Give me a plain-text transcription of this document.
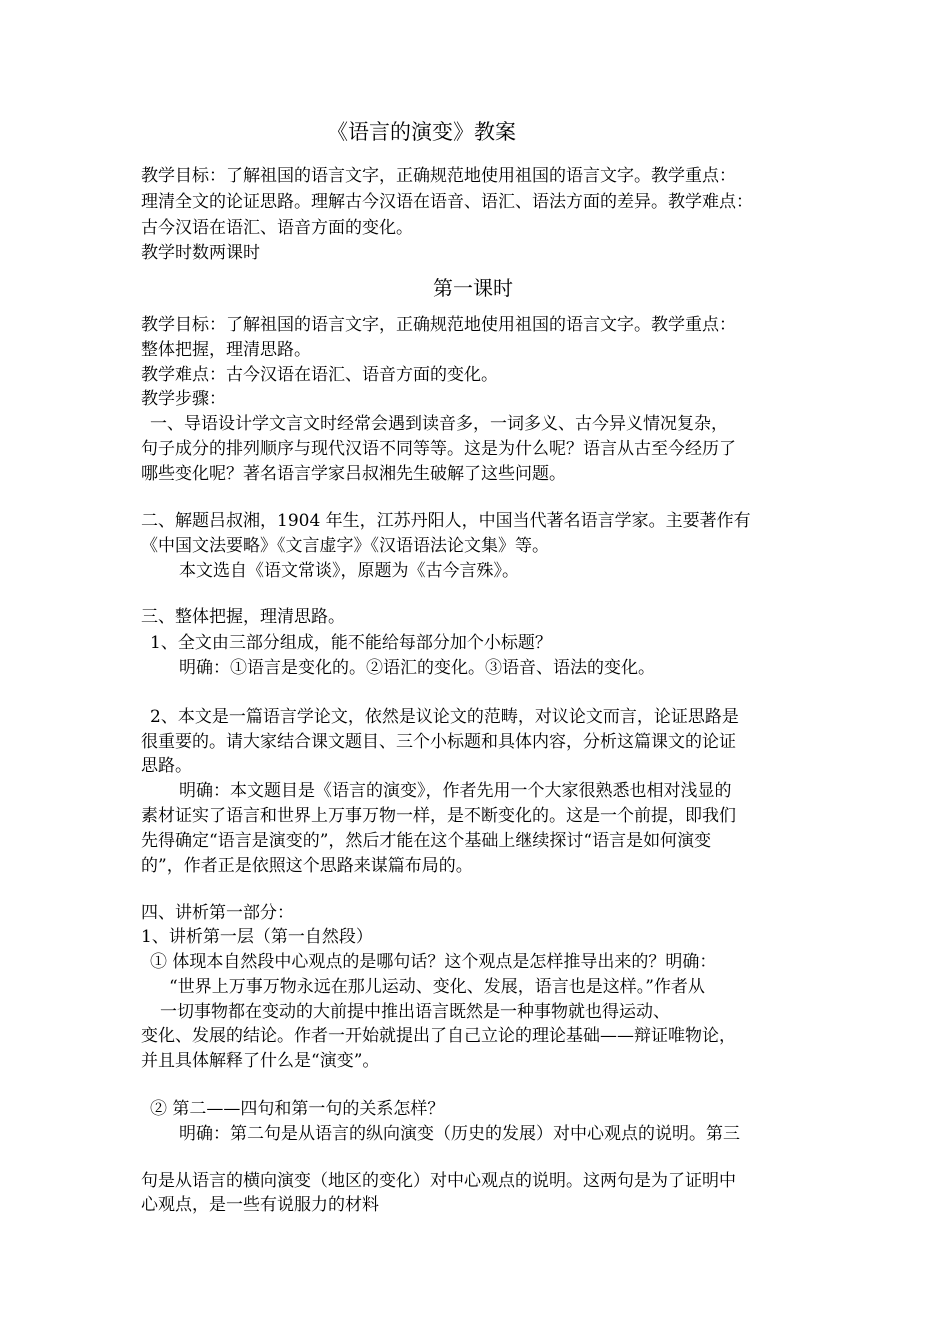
《语言的演变》教案

教学目标：了解祖国的语言文字，正确规范地使用祖国的语言文字。教学重点：

理清全文的论证思路。理解古今汉语在语音、语汇、语法方面的差异。教学难点：

古今汉语在语汇、语音方面的变化。

教学时数两课时

第一课时

教学目标：了解祖国的语言文字，正确规范地使用祖国的语言文字。教学重点：

整体把握，理清思路。

教学难点：古今汉语在语汇、语音方面的变化。

教学步骤：

一、导语设计学文言文时经常会遇到读音多，一词多义、古今异义情况复杂，

句子成分的排列顺序与现代汉语不同等等。这是为什么呢？语言从古至今经历了

哪些变化呢？著名语言学家吕叔湘先生破解了这些问题。

二、解题吕叔湘，1904 年生，江苏丹阳人，中国当代著名语言学家。主要著作有

《中国文法要略》《文言虚字》《汉语语法论文集》等。

本文选自《语文常谈》，原题为《古今言殊》。

三、整体把握，理清思路。

1、全文由三部分组成，能不能给每部分加个小标题？

明确：①语言是变化的。②语汇的变化。③语音、语法的变化。

2、本文是一篇语言学论文，依然是议论文的范畴，对议论文而言，论证思路是

很重要的。请大家结合课文题目、三个小标题和具体内容，分析这篇课文的论证

思路。

明确：本文题目是《语言的演变》，作者先用一个大家很熟悉也相对浅显的

素材证实了语言和世界上万事万物一样，是不断变化的。这是一个前提，即我们

先得确定“语言是演变的”，然后才能在这个基础上继续探讨“语言是如何演变

的”，作者正是依照这个思路来谋篇布局的。

四、讲析第一部分：

1、讲析第一层（第一自然段）

① 体现本自然段中心观点的是哪句话？这个观点是怎样推导出来的？明确：

“世界上万事万物永远在那儿运动、变化、发展，语言也是这样。”作者从

一切事物都在变动的大前提中推出语言既然是一种事物就也得运动、

变化、发展的结论。作者一开始就提出了自己立论的理论基础——辩证唯物论，

并且具体解释了什么是“演变”。

② 第二——四句和第一句的关系怎样？

明确：第二句是从语言的纵向演变（历史的发展）对中心观点的说明。第三

句是从语言的横向演变（地区的变化）对中心观点的说明。这两句是为了证明中

心观点，是一些有说服力的材料
